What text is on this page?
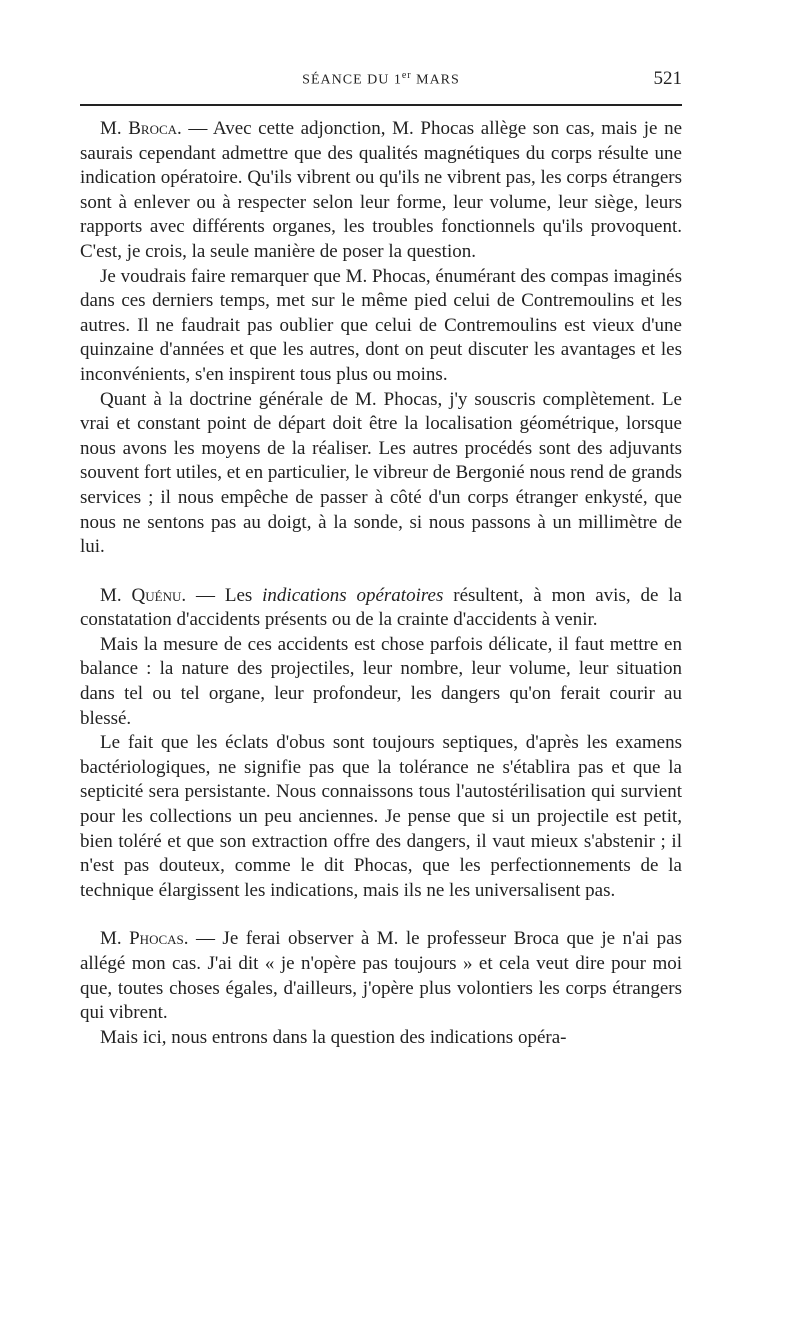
SÉANCE DU 1er MARS	521

M. Broca. — Avec cette adjonction, M. Phocas allège son cas, mais je ne saurais cependant admettre que des qualités magnétiques du corps résulte une indication opératoire. Qu'ils vibrent ou qu'ils ne vibrent pas, les corps étrangers sont à enlever ou à respecter selon leur forme, leur volume, leur siège, leurs rapports avec différents organes, les troubles fonctionnels qu'ils provoquent. C'est, je crois, la seule manière de poser la question.

Je voudrais faire remarquer que M. Phocas, énumérant des compas imaginés dans ces derniers temps, met sur le même pied celui de Contremoulins et les autres. Il ne faudrait pas oublier que celui de Contremoulins est vieux d'une quinzaine d'années et que les autres, dont on peut discuter les avantages et les inconvénients, s'en inspirent tous plus ou moins.

Quant à la doctrine générale de M. Phocas, j'y souscris complètement. Le vrai et constant point de départ doit être la localisation géométrique, lorsque nous avons les moyens de la réaliser. Les autres procédés sont des adjuvants souvent fort utiles, et en particulier, le vibreur de Bergonié nous rend de grands services ; il nous empêche de passer à côté d'un corps étranger enkysté, que nous ne sentons pas au doigt, à la sonde, si nous passons à un millimètre de lui.

M. Quénu. — Les indications opératoires résultent, à mon avis, de la constatation d'accidents présents ou de la crainte d'accidents à venir.

Mais la mesure de ces accidents est chose parfois délicate, il faut mettre en balance : la nature des projectiles, leur nombre, leur volume, leur situation dans tel ou tel organe, leur profondeur, les dangers qu'on ferait courir au blessé.

Le fait que les éclats d'obus sont toujours septiques, d'après les examens bactériologiques, ne signifie pas que la tolérance ne s'établira pas et que la septicité sera persistante. Nous connaissons tous l'autostérilisation qui survient pour les collections un peu anciennes. Je pense que si un projectile est petit, bien toléré et que son extraction offre des dangers, il vaut mieux s'abstenir ; il n'est pas douteux, comme le dit Phocas, que les perfectionnements de la technique élargissent les indications, mais ils ne les universalisent pas.

M. Phocas. — Je ferai observer à M. le professeur Broca que je n'ai pas allégé mon cas. J'ai dit « je n'opère pas toujours » et cela veut dire pour moi que, toutes choses égales, d'ailleurs, j'opère plus volontiers les corps étrangers qui vibrent.

Mais ici, nous entrons dans la question des indications opéra-
